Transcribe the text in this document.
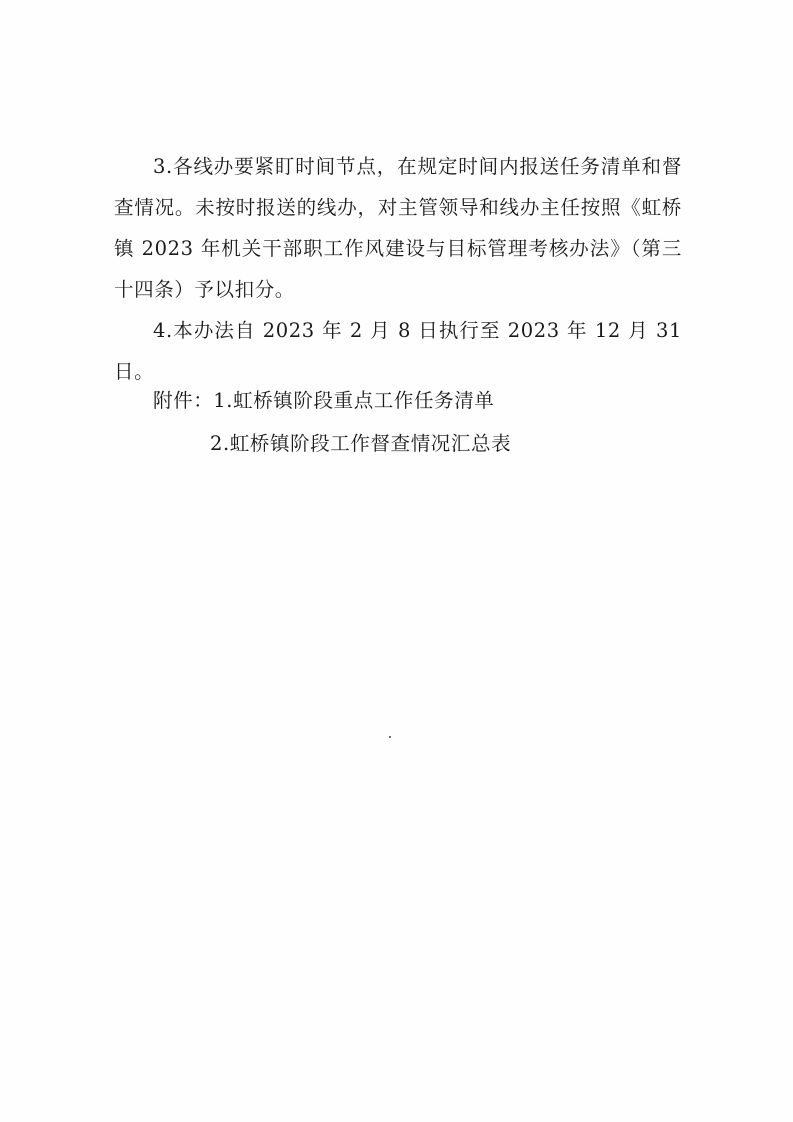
3.各线办要紧盯时间节点，在规定时间内报送任务清单和督查情况。未按时报送的线办，对主管领导和线办主任按照《虹桥镇 2023 年机关干部职工作风建设与目标管理考核办法》（第三十四条）予以扣分。

4.本办法自 2023 年 2 月 8 日执行至 2023 年 12 月 31 日。

附件：1.虹桥镇阶段重点工作任务清单
2.虹桥镇阶段工作督查情况汇总表
